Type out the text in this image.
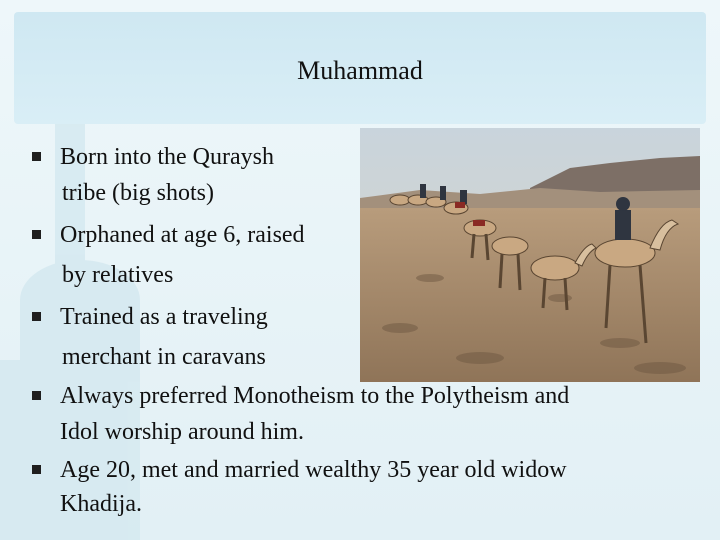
Muhammad
Born into the Quraysh
tribe (big shots)
Orphaned at age 6, raised
by relatives
Trained as a traveling
merchant in caravans
Always preferred Monotheism to the Polytheism and
Idol worship around him.
Age 20, met and married wealthy 35 year old widow
Khadija.
